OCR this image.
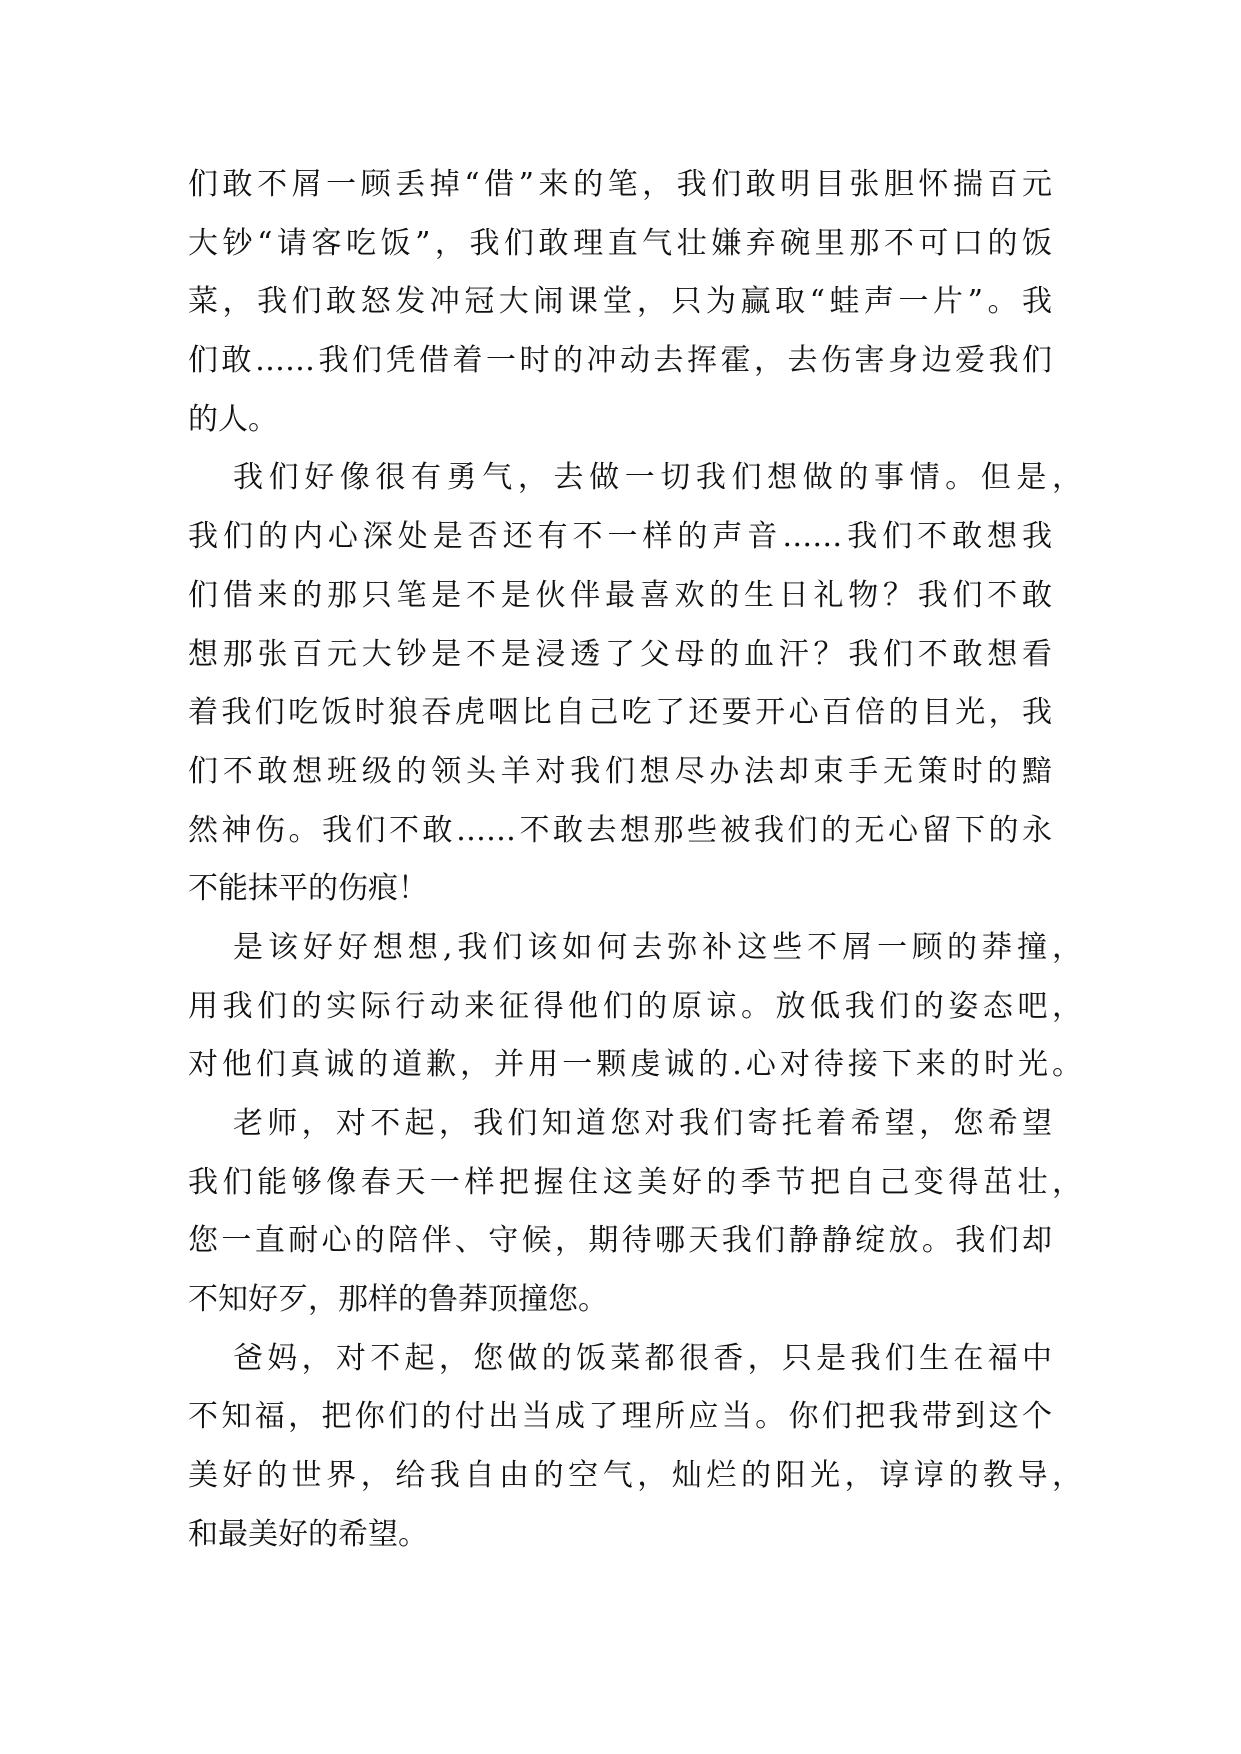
们敢不屑一顾丢掉“借”来的笔，我们敢明目张胆怀揣百元
大钞“请客吃饭”，我们敢理直气壮嫌弃碗里那不可口的饭
菜，我们敢怒发冲冠大闹课堂，只为赢取“蛙声一片”。我
们敢……我们凭借着一时的冲动去挥霍，去伤害身边爱我们
的人。
我们好像很有勇气，去做一切我们想做的事情。但是，
我们的内心深处是否还有不一样的声音……我们不敢想我
们借来的那只笔是不是伙伴最喜欢的生日礼物？我们不敢
想那张百元大钞是不是浸透了父母的血汗？我们不敢想看
着我们吃饭时狼吞虎咽比自己吃了还要开心百倍的目光，我
们不敢想班级的领头羊对我们想尽办法却束手无策时的黯
然神伤。我们不敢……不敢去想那些被我们的无心留下的永
不能抹平的伤痕！
是该好好想想,我们该如何去弥补这些不屑一顾的莽撞，
用我们的实际行动来征得他们的原谅。放低我们的姿态吧，
对他们真诚的道歉，并用一颗虔诚的.心对待接下来的时光。
老师，对不起，我们知道您对我们寄托着希望，您希望
我们能够像春天一样把握住这美好的季节把自己变得茁壮，
您一直耐心的陪伴、守候，期待哪天我们静静绽放。我们却
不知好歹，那样的鲁莽顶撞您。
爸妈，对不起，您做的饭菜都很香，只是我们生在福中
不知福，把你们的付出当成了理所应当。你们把我带到这个
美好的世界，给我自由的空气，灿烂的阳光，谆谆的教导，
和最美好的希望。
